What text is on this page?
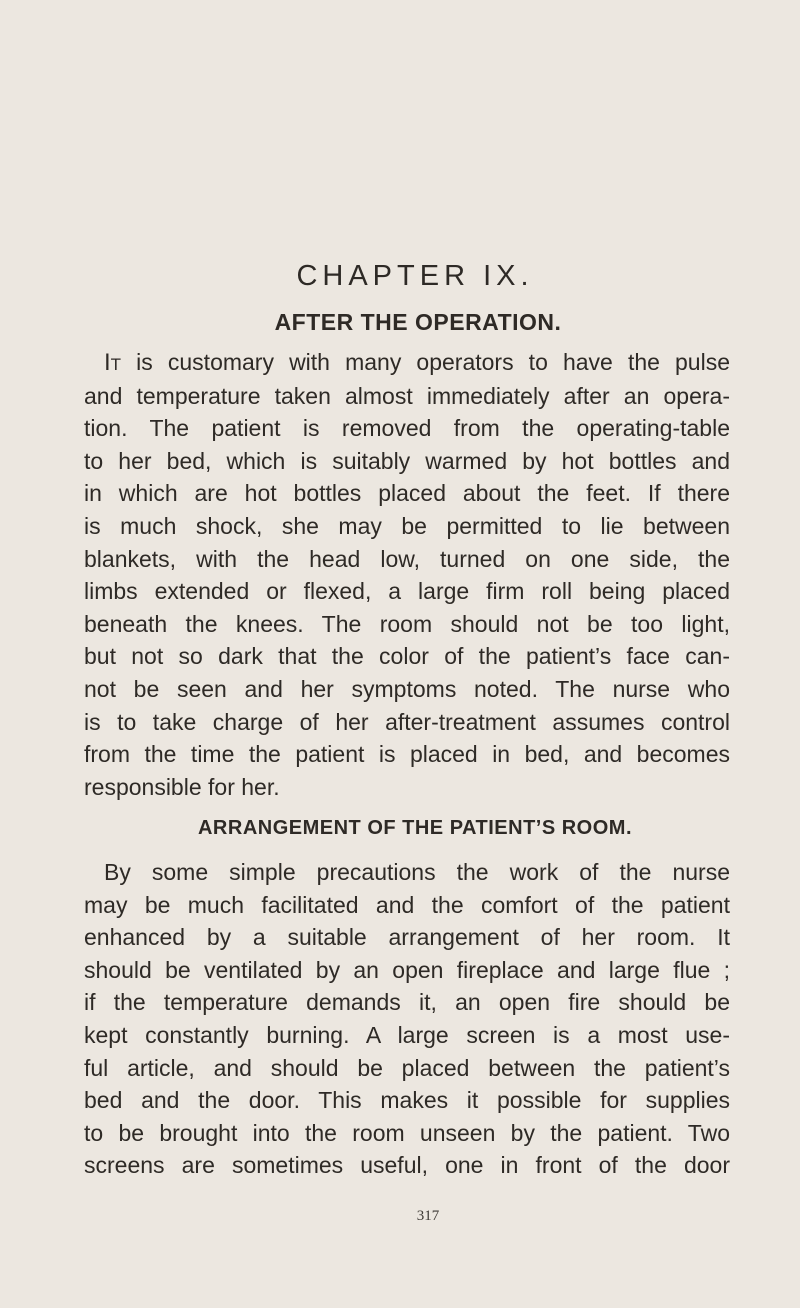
CHAPTER IX.
AFTER THE OPERATION.
It is customary with many operators to have the pulse
and temperature taken almost immediately after an opera-
tion. The patient is removed from the operating-table
to her bed, which is suitably warmed by hot bottles and
in which are hot bottles placed about the feet. If there
is much shock, she may be permitted to lie between
blankets, with the head low, turned on one side, the
limbs extended or flexed, a large firm roll being placed
beneath the knees. The room should not be too light,
but not so dark that the color of the patient’s face can-
not be seen and her symptoms noted. The nurse who
is to take charge of her after-treatment assumes control
from the time the patient is placed in bed, and becomes
responsible for her.
ARRANGEMENT OF THE PATIENT’S ROOM.
By some simple precautions the work of the nurse
may be much facilitated and the comfort of the patient
enhanced by a suitable arrangement of her room. It
should be ventilated by an open fireplace and large flue ;
if the temperature demands it, an open fire should be
kept constantly burning. A large screen is a most use-
ful article, and should be placed between the patient’s
bed and the door. This makes it possible for supplies
to be brought into the room unseen by the patient. Two
screens are sometimes useful, one in front of the door
317
